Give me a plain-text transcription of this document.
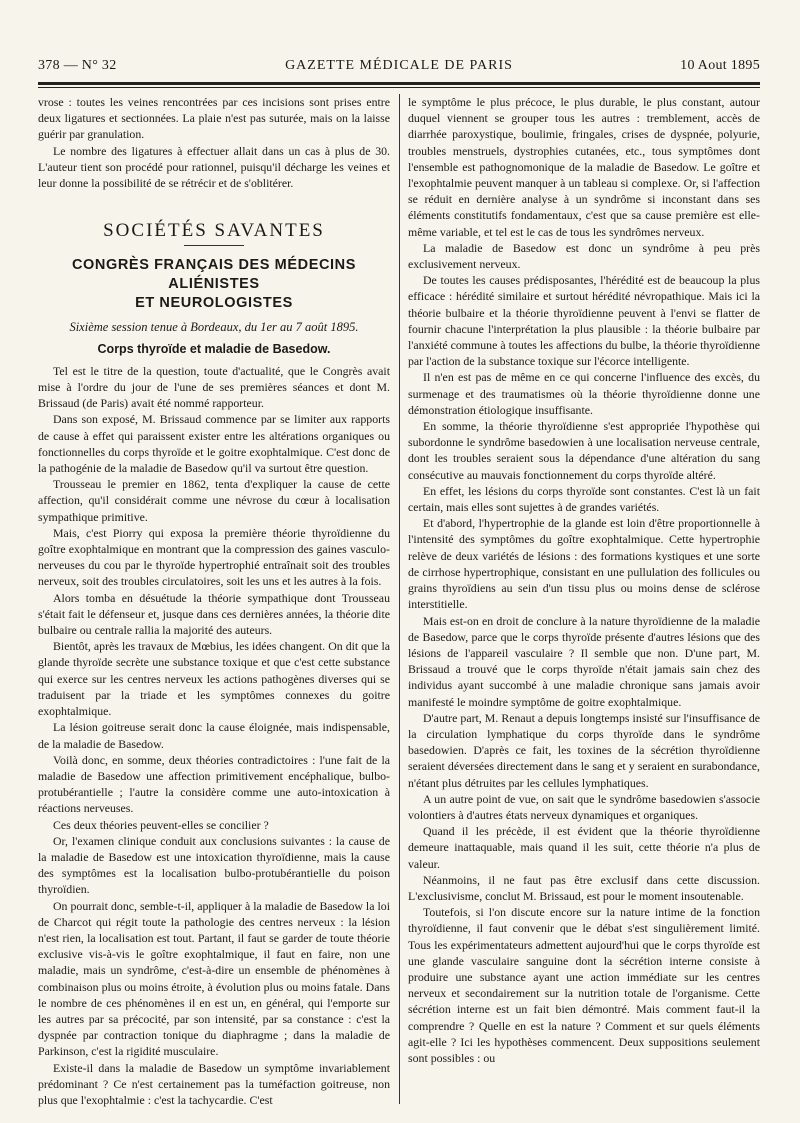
378 — N° 32	GAZETTE MÉDICALE DE PARIS	10 Aout 1895

vrose : toutes les veines rencontrées par ces incisions sont prises entre deux ligatures et sectionnées. La plaie n'est pas suturée, mais on la laisse guérir par granulation.

Le nombre des ligatures à effectuer allait dans un cas à plus de 30. L'auteur tient son procédé pour rationnel, puisqu'il décharge les veines et leur donne la possibilité de se rétrécir et de s'oblitérer.

SOCIÉTÉS SAVANTES
CONGRÈS FRANÇAIS DES MÉDECINS ALIÉNISTES
ET NEUROLOGISTES
Sixième session tenue à Bordeaux, du 1er au 7 août 1895.
Corps thyroïde et maladie de Basedow.

Tel est le titre de la question, toute d'actualité, que le Congrès avait mise à l'ordre du jour de l'une de ses premières séances et dont M. Brissaud (de Paris) avait été nommé rapporteur.

Dans son exposé, M. Brissaud commence par se limiter aux rapports de cause à effet qui paraissent exister entre les altérations organiques ou fonctionnelles du corps thyroïde et le goitre exophtalmique. C'est donc de la pathogénie de la maladie de Basedow qu'il va surtout être question.

Trousseau le premier en 1862, tenta d'expliquer la cause de cette affection, qu'il considérait comme une névrose du cœur à localisation sympathique primitive.

Mais, c'est Piorry qui exposa la première théorie thyroïdienne du goître exophtalmique en montrant que la compression des gaines vasculo-nerveuses du cou par le thyroïde hypertrophié entraînait soit des troubles nerveux, soit des troubles circulatoires, soit les uns et les autres à la fois.

Alors tomba en désuétude la théorie sympathique dont Trousseau s'était fait le défenseur et, jusque dans ces dernières années, la théorie dite bulbaire ou centrale rallia la majorité des auteurs.

Bientôt, après les travaux de Mœbius, les idées changent. On dit que la glande thyroïde secrète une substance toxique et que c'est cette substance qui exerce sur les centres nerveux les actions pathogènes diverses qui se traduisent par la triade et les symptômes connexes du goitre exophtalmique.

La lésion goitreuse serait donc la cause éloignée, mais indispensable, de la maladie de Basedow.

Voilà donc, en somme, deux théories contradictoires : l'une fait de la maladie de Basedow une affection primitivement encéphalique, bulbo-protubérantielle ; l'autre la considère comme une auto-intoxication à réactions nerveuses.

Ces deux théories peuvent-elles se concilier ?

Or, l'examen clinique conduit aux conclusions suivantes : la cause de la maladie de Basedow est une intoxication thyroïdienne, mais la cause des symptômes est la localisation bulbo-protubérantielle du poison thyroïdien.

On pourrait donc, semble-t-il, appliquer à la maladie de Basedow la loi de Charcot qui régit toute la pathologie des centres nerveux : la lésion n'est rien, la localisation est tout. Partant, il faut se garder de toute théorie exclusive vis-à-vis le goître exophtalmique, il faut en faire, non une maladie, mais un syndrôme, c'est-à-dire un ensemble de phénomènes à combinaison plus ou moins étroite, à évolution plus ou moins fatale. Dans le nombre de ces phénomènes il en est un, en général, qui l'emporte sur les autres par sa précocité, par son intensité, par sa constance : c'est la dyspnée par contraction tonique du diaphragme ; dans la maladie de Parkinson, c'est la rigidité musculaire.

Existe-il dans la maladie de Basedow un symptôme invariablement prédominant ? Ce n'est certainement pas la tuméfaction goitreuse, non plus que l'exophtalmie : c'est la tachycardie. C'est

le symptôme le plus précoce, le plus durable, le plus constant, autour duquel viennent se grouper tous les autres : tremblement, accès de diarrhée paroxystique, boulimie, fringales, crises de dyspnée, polyurie, troubles menstruels, dystrophies cutanées, etc., tous symptômes dont l'ensemble est pathognomonique de la maladie de Basedow. Le goître et l'exophtalmie peuvent manquer à un tableau si complexe. Or, si l'affection se réduit en dernière analyse à un syndrôme si inconstant dans ses éléments constitutifs fondamentaux, c'est que sa cause première est elle-même variable, et tel est le cas de tous les syndrômes nerveux.

La maladie de Basedow est donc un syndrôme à peu près exclusivement nerveux.

De toutes les causes prédisposantes, l'hérédité est de beaucoup la plus efficace : hérédité similaire et surtout hérédité névropathique. Mais ici la théorie bulbaire et la théorie thyroïdienne peuvent à l'envi se flatter de fournir chacune l'interprétation la plus plausible : la théorie bulbaire par l'anxiété commune à toutes les affections du bulbe, la théorie thyroïdienne par l'action de la substance toxique sur l'écorce intelligente.

Il n'en est pas de même en ce qui concerne l'influence des excès, du surmenage et des traumatismes où la théorie thyroïdienne donne une démonstration étiologique insuffisante.

En somme, la théorie thyroïdienne s'est appropriée l'hypothèse qui subordonne le syndrôme basedowien à une localisation nerveuse centrale, dont les troubles seraient sous la dépendance d'une altération du sang consécutive au mauvais fonctionnement du corps thyroïde altéré.

En effet, les lésions du corps thyroïde sont constantes. C'est là un fait certain, mais elles sont sujettes à de grandes variétés.

Et d'abord, l'hypertrophie de la glande est loin d'être proportionnelle à l'intensité des symptômes du goître exophtalmique. Cette hypertrophie relève de deux variétés de lésions : des formations kystiques et une sorte de cirrhose hypertrophique, consistant en une pullulation des follicules ou grains thyroïdiens au sein d'un tissu plus ou moins dense de sclérose interstitielle.

Mais est-on en droit de conclure à la nature thyroïdienne de la maladie de Basedow, parce que le corps thyroïde présente d'autres lésions que des lésions de l'appareil vasculaire ? Il semble que non. D'une part, M. Brissaud a trouvé que le corps thyroïde n'était jamais sain chez des individus ayant succombé à une maladie chronique sans jamais avoir manifesté le moindre symptôme de goitre exophtalmique.

D'autre part, M. Renaut a depuis longtemps insisté sur l'insuffisance de la circulation lymphatique du corps thyroïde dans le syndrôme basedowien. D'après ce fait, les toxines de la sécrétion thyroïdienne seraient déversées directement dans le sang et y seraient en surabondance, n'étant plus détruites par les cellules lymphatiques.

A un autre point de vue, on sait que le syndrôme basedowien s'associe volontiers à d'autres états nerveux dynamiques et organiques.

Quand il les précède, il est évident que la théorie thyroïdienne demeure inattaquable, mais quand il les suit, cette théorie n'a plus de valeur.

Néanmoins, il ne faut pas être exclusif dans cette discussion. L'exclusivisme, conclut M. Brissaud, est pour le moment insoutenable.

Toutefois, si l'on discute encore sur la nature intime de la fonction thyroïdienne, il faut convenir que le débat s'est singulièrement limité. Tous les expérimentateurs admettent aujourd'hui que le corps thyroïde est une glande vasculaire sanguine dont la sécrétion interne consiste à produire une substance ayant une action immédiate sur les centres nerveux et secondairement sur la nutrition totale de l'organisme. Cette sécrétion interne est un fait bien démontré. Mais comment faut-il la comprendre ? Quelle en est la nature ? Comment et sur quels éléments agit-elle ? Ici les hypothèses commencent. Deux suppositions seulement sont possibles : ou
